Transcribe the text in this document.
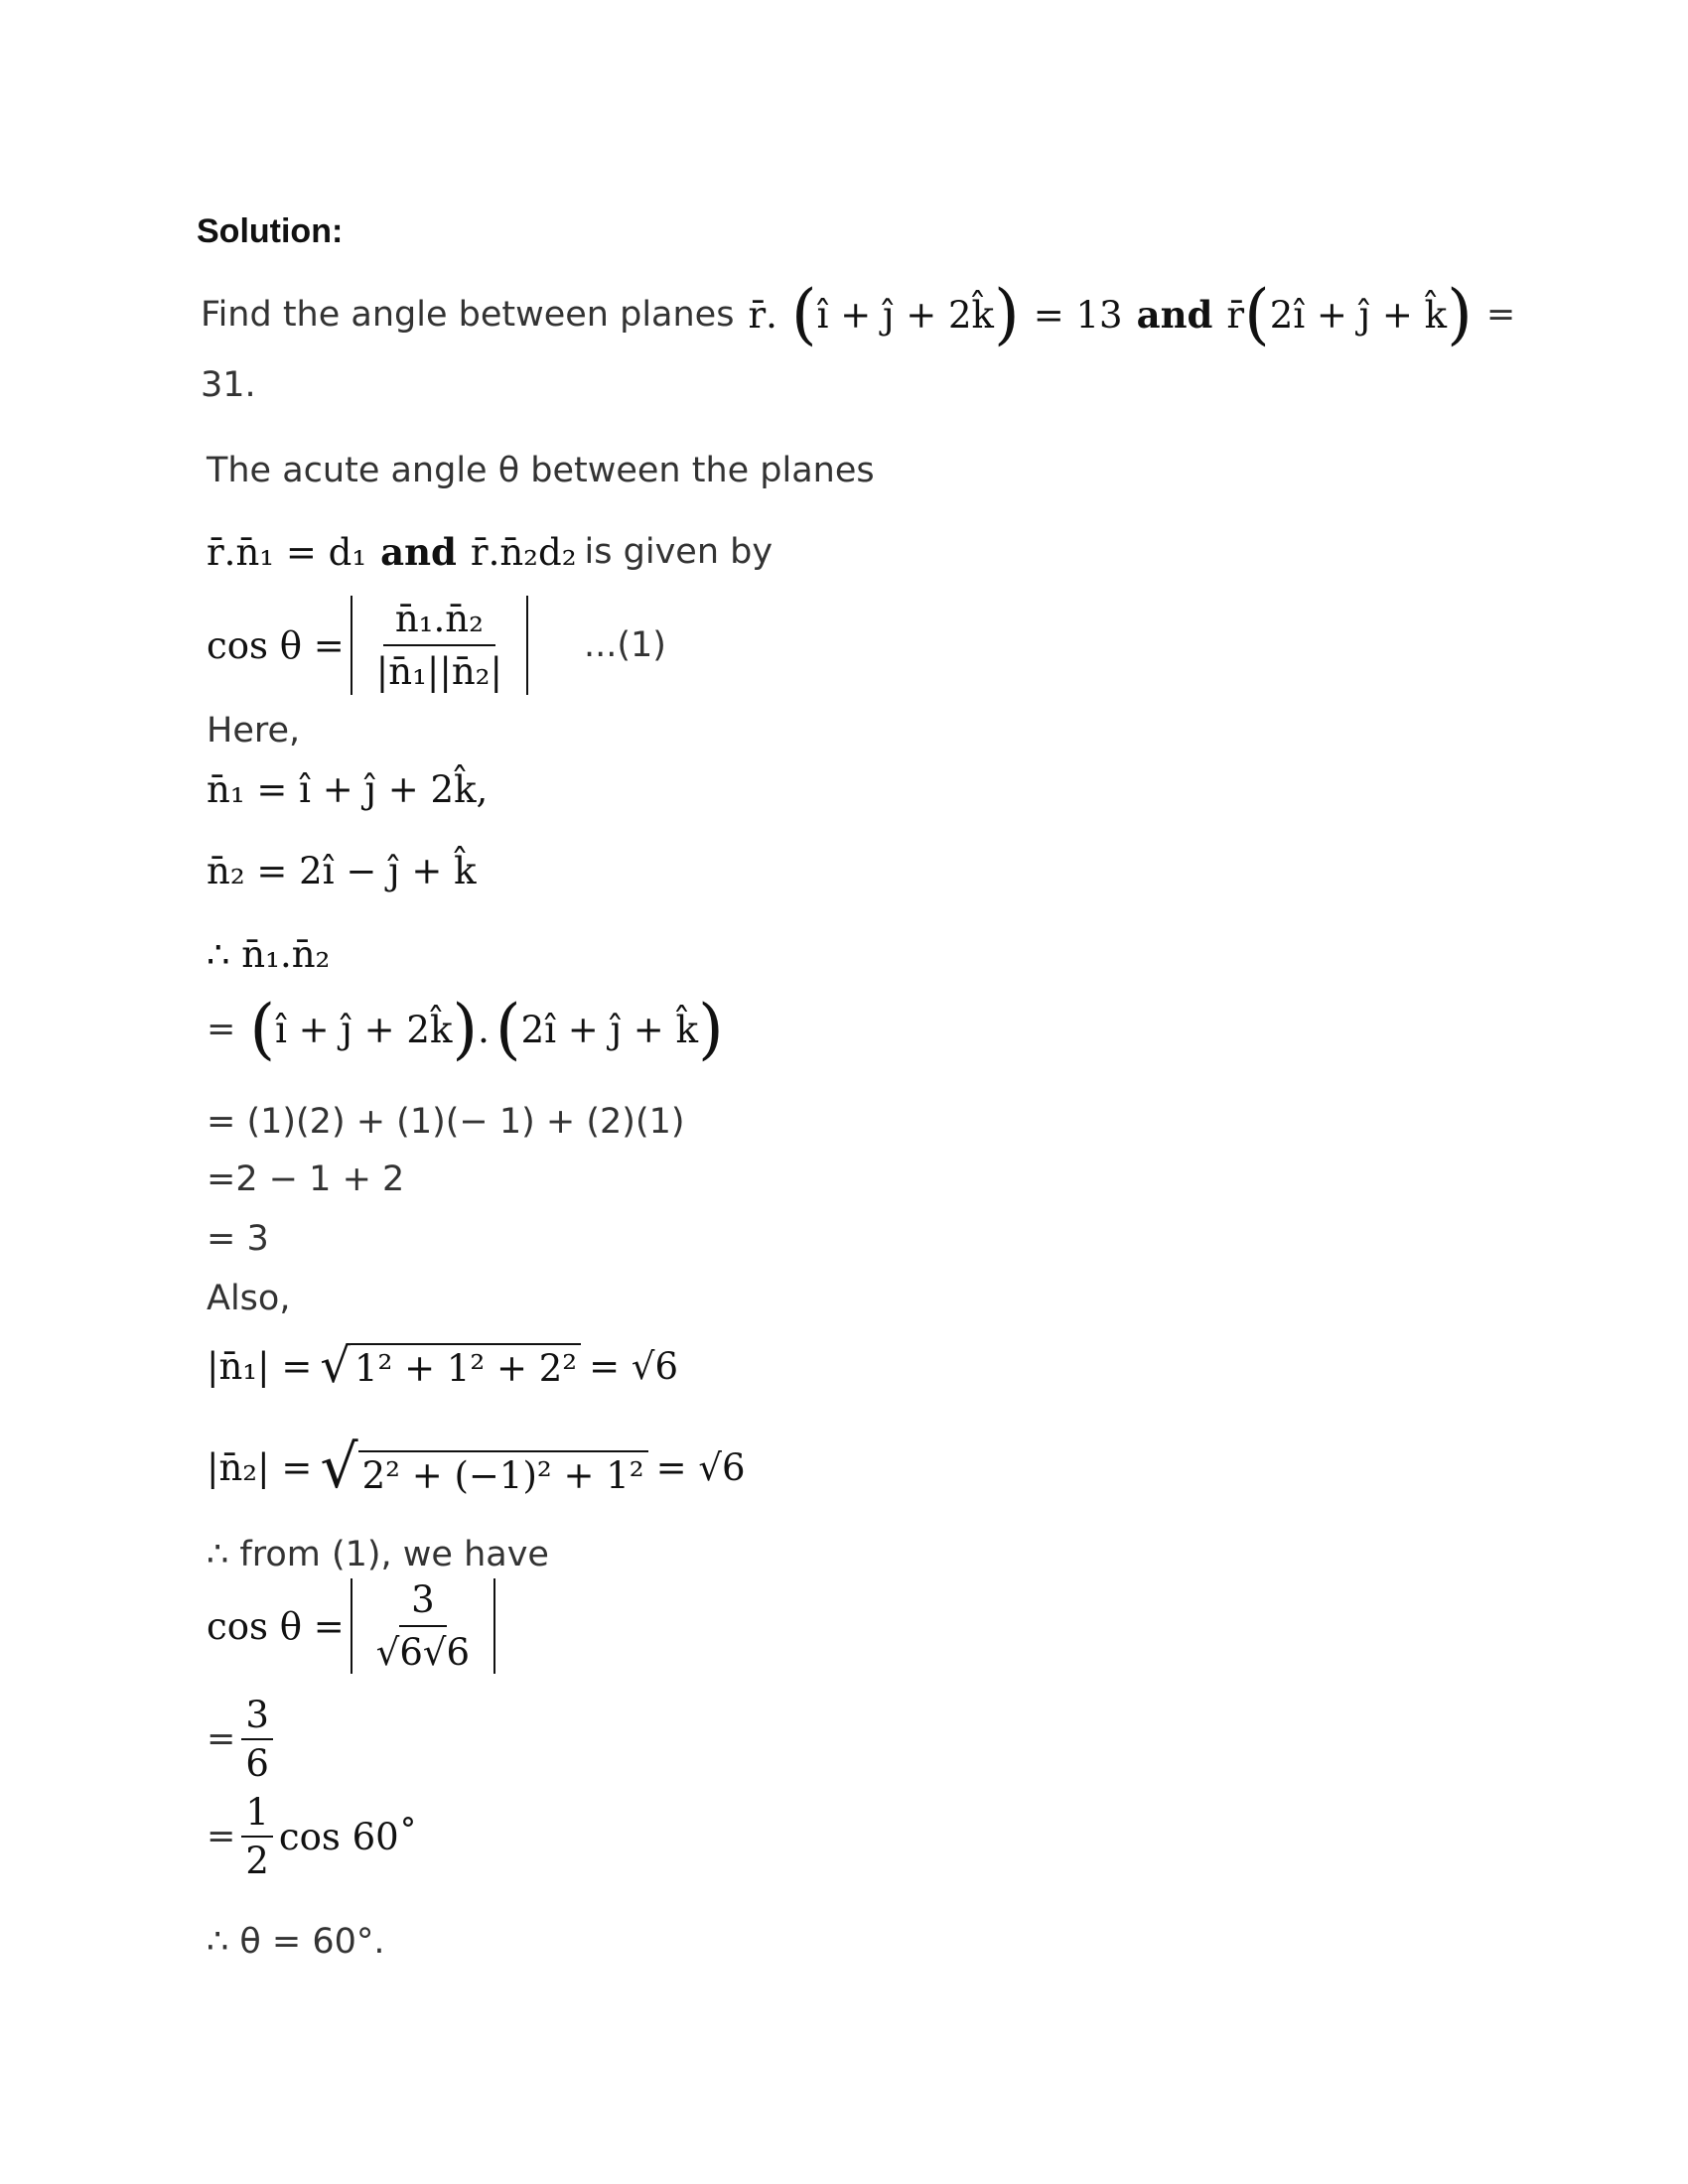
Solution:
Find the angle between planes r̄. ( î + ĵ + 2k̂ ) = 13 and r̄ ( 2î + ĵ + k̂ ) =
31.
The acute angle θ between the planes
r̄.n̄₁ = d₁ and r̄.n̄₂d₂ is given by
$\cos \theta = \frac{\text{n̄₁.n̄₂}}{\text{|n̄₁||n̄₂|}} ...(1)$
Here,
n̄₁ = î + ĵ + 2k̂,
n̄₂ = 2î − ĵ + k̂
∴ n̄₁.n̄₂
= ( î + ĵ + 2k̂ ) . ( 2î + ĵ + k̂ )
= (1)(2) + (1)(− 1) + (2)(1)
=2 − 1 + 2
= 3
Also,
|n̄₁| = √ 1² + 1² + 2² = √6
|n̄₂| = √ 2² + (−1)² + 1² = √6
∴ from (1), we have
$\cos \theta = \frac{3}{√6√6}$
= $\frac{3}{6}$
= $\frac{1}{2}$ cos 60˚
∴ θ = 60°.
